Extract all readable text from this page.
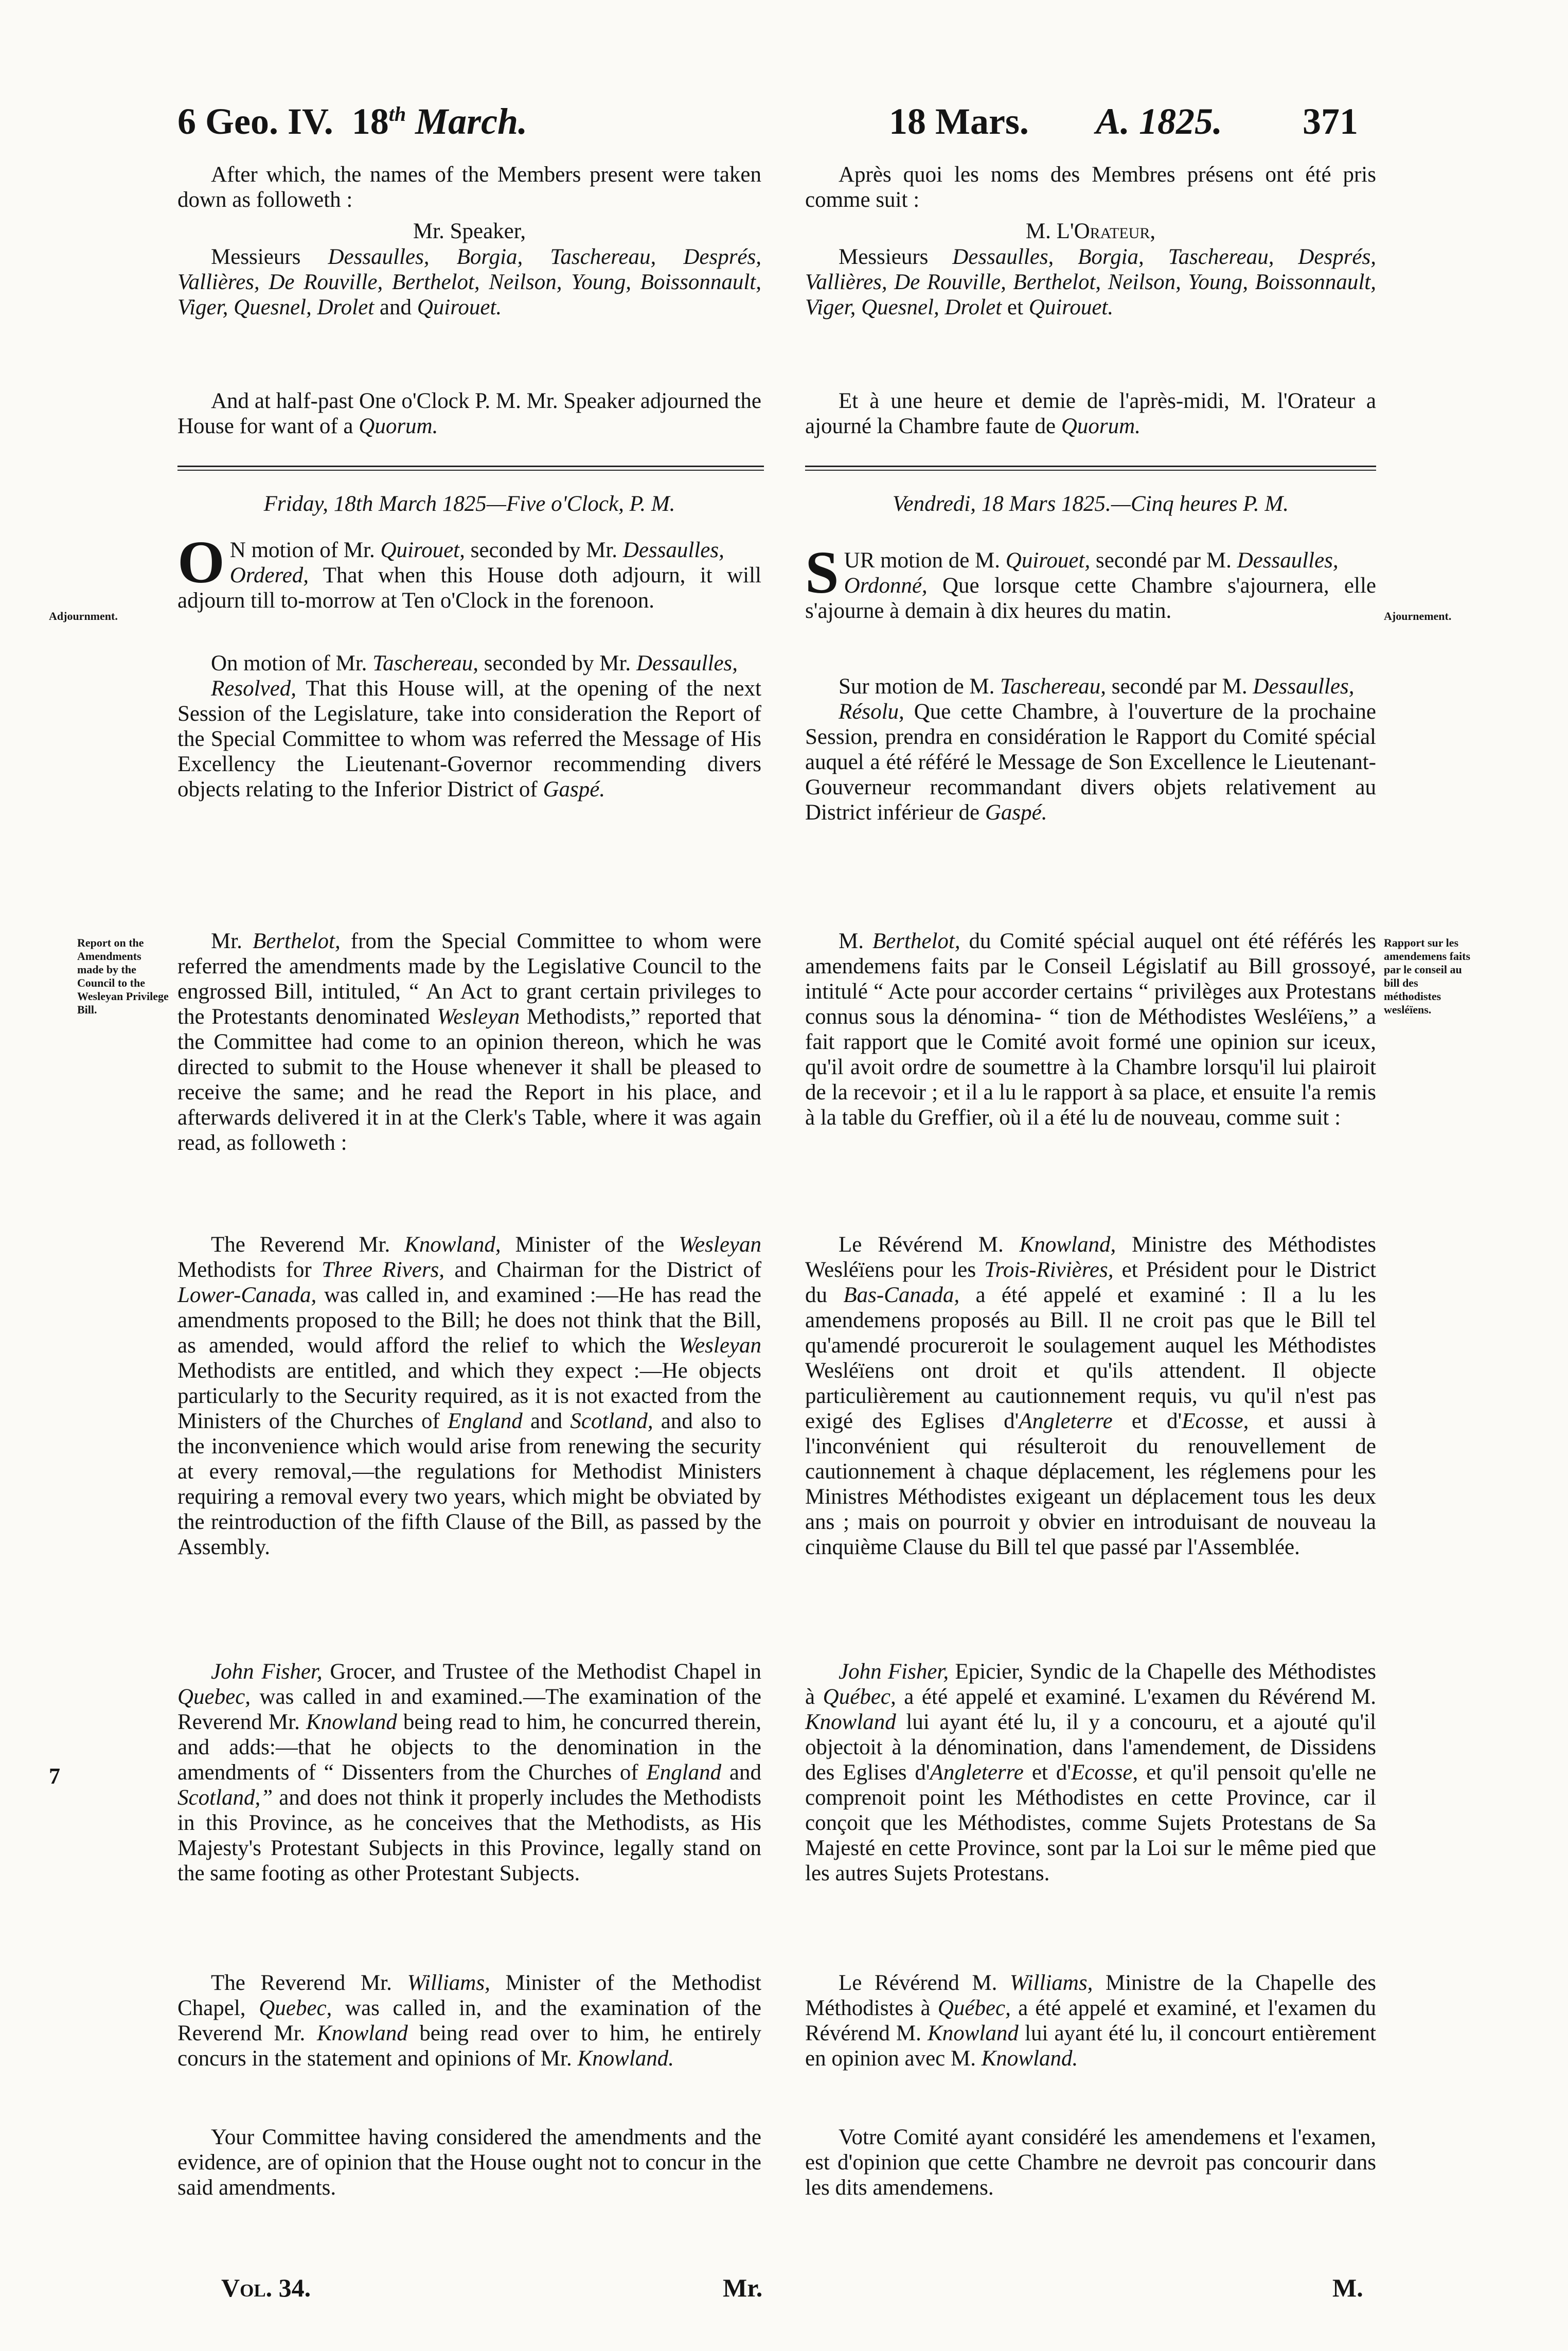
6 Geo. IV. 18th March.	18 Mars. A. 1825. 371
After which, the names of the Members present were taken down as followeth :
Mr. Speaker,
Messieurs Dessaulles, Borgia, Taschereau, Després, Vallières, De Rouville, Berthelot, Neilson, Young, Boissonnault, Viger, Quesnel, Drolet and Quirouet.
And at half-past One o'Clock P. M. Mr. Speaker adjourned the House for want of a Quorum.
Friday, 18th March 1825—Five o'Clock, P. M.
O N motion of Mr. Quirouet, seconded by Mr. Dessaulles,
Ordered, That when this House doth adjourn, it will adjourn till to-morrow at Ten o'Clock in the forenoon.
On motion of Mr. Taschereau, seconded by Mr. Dessaulles,
Resolved, That this House will, at the opening of the next Session of the Legislature, take into consideration the Report of the Special Committee to whom was referred the Message of His Excellency the Lieutenant-Governor recommending divers objects relating to the Inferior District of Gaspé.
Mr. Berthelot, from the Special Committee to whom were referred the amendments made by the Legislative Council to the engrossed Bill, intituled, “ An Act to grant certain privileges to the Protestants denominated Wesleyan Methodists,” reported that the Committee had come to an opinion thereon, which he was directed to submit to the House whenever it shall be pleased to receive the same; and he read the Report in his place, and afterwards delivered it in at the Clerk's Table, where it was again read, as followeth :
The Reverend Mr. Knowland, Minister of the Wesleyan Methodists for Three Rivers, and Chairman for the District of Lower-Canada, was called in, and examined :—He has read the amendments proposed to the Bill; he does not think that the Bill, as amended, would afford the relief to which the Wesleyan Methodists are entitled, and which they expect :—He objects particularly to the Security required, as it is not exacted from the Ministers of the Churches of England and Scotland, and also to the inconvenience which would arise from renewing the security at every removal,—the regulations for Methodist Ministers requiring a removal every two years, which might be obviated by the reintroduction of the fifth Clause of the Bill, as passed by the Assembly.
John Fisher, Grocer, and Trustee of the Methodist Chapel in Quebec, was called in and examined.—The examination of the Reverend Mr. Knowland being read to him, he concurred therein, and adds:—that he objects to the denomination in the amendments of “ Dissenters from the Churches of England and Scotland,” and does not think it properly includes the Methodists in this Province, as he conceives that the Methodists, as His Majesty's Protestant Subjects in this Province, legally stand on the same footing as other Protestant Subjects.
The Reverend Mr. Williams, Minister of the Methodist Chapel, Quebec, was called in, and the examination of the Reverend Mr. Knowland being read over to him, he entirely concurs in the statement and opinions of Mr. Knowland.
Your Committee having considered the amendments and the evidence, are of opinion that the House ought not to concur in the said amendments.
Vol. 34.	Mr.
Après quoi les noms des Membres présens ont été pris comme suit :
M. L'Orateur,
Messieurs Dessaulles, Borgia, Taschereau, Després, Vallières, De Rouville, Berthelot, Neilson, Young, Boissonnault, Viger, Quesnel, Drolet et Quirouet.
Et à une heure et demie de l'après-midi, M. l'Orateur a ajourné la Chambre faute de Quorum.
Vendredi, 18 Mars 1825.—Cinq heures P. M.
S UR motion de M. Quirouet, secondé par M. Dessaulles,
Ordonné, Que lorsque cette Chambre s'ajournera, elle s'ajourne à demain à dix heures du matin.
Sur motion de M. Taschereau, secondé par M. Dessaulles,
Résolu, Que cette Chambre, à l'ouverture de la prochaine Session, prendra en considération le Rapport du Comité spécial auquel a été référé le Message de Son Excellence le Lieutenant-Gouverneur recommandant divers objets relativement au District inférieur de Gaspé.
M. Berthelot, du Comité spécial auquel ont été référés les amendemens faits par le Conseil Législatif au Bill grossoyé, intitulé “ Acte pour accorder certains “ privilèges aux Protestans connus sous la dénomina- “ tion de Méthodistes Wesléïens,” a fait rapport que le Comité avoit formé une opinion sur iceux, qu'il avoit ordre de soumettre à la Chambre lorsqu'il lui plairoit de la recevoir ; et il a lu le rapport à sa place, et ensuite l'a remis à la table du Greffier, où il a été lu de nouveau, comme suit :
Le Révérend M. Knowland, Ministre des Méthodistes Wesléïens pour les Trois-Rivières, et Président pour le District du Bas-Canada, a été appelé et examiné : Il a lu les amendemens proposés au Bill. Il ne croit pas que le Bill tel qu'amendé procureroit le soulagement auquel les Méthodistes Wesléïens ont droit et qu'ils attendent. Il objecte particulièrement au cautionnement requis, vu qu'il n'est pas exigé des Eglises d'Angleterre et d'Ecosse, et aussi à l'inconvénient qui résulteroit du renouvellement de cautionnement à chaque déplacement, les réglemens pour les Ministres Méthodistes exigeant un déplacement tous les deux ans ; mais on pourroit y obvier en introduisant de nouveau la cinquième Clause du Bill tel que passé par l'Assemblée.
John Fisher, Epicier, Syndic de la Chapelle des Méthodistes à Québec, a été appelé et examiné. L'examen du Révérend M. Knowland lui ayant été lu, il y a concouru, et a ajouté qu'il objectoit à la dénomination, dans l'amendement, de Dissidens des Eglises d'Angleterre et d'Ecosse, et qu'il pensoit qu'elle ne comprenoit point les Méthodistes en cette Province, car il conçoit que les Méthodistes, comme Sujets Protestans de Sa Majesté en cette Province, sont par la Loi sur le même pied que les autres Sujets Protestans.
Le Révérend M. Williams, Ministre de la Chapelle des Méthodistes à Québec, a été appelé et examiné, et l'examen du Révérend M. Knowland lui ayant été lu, il concourt entièrement en opinion avec M. Knowland.
Votre Comité ayant considéré les amendemens et l'examen, est d'opinion que cette Chambre ne devroit pas concourir dans les dits amendemens.
M.
Adjournment.	Ajournement.
Report on the Amendments made by the Council to the Wesleyan Privilege Bill.
Rapport sur les amendemens faits par le conseil au bill des méthodistes wesléïens.
7
